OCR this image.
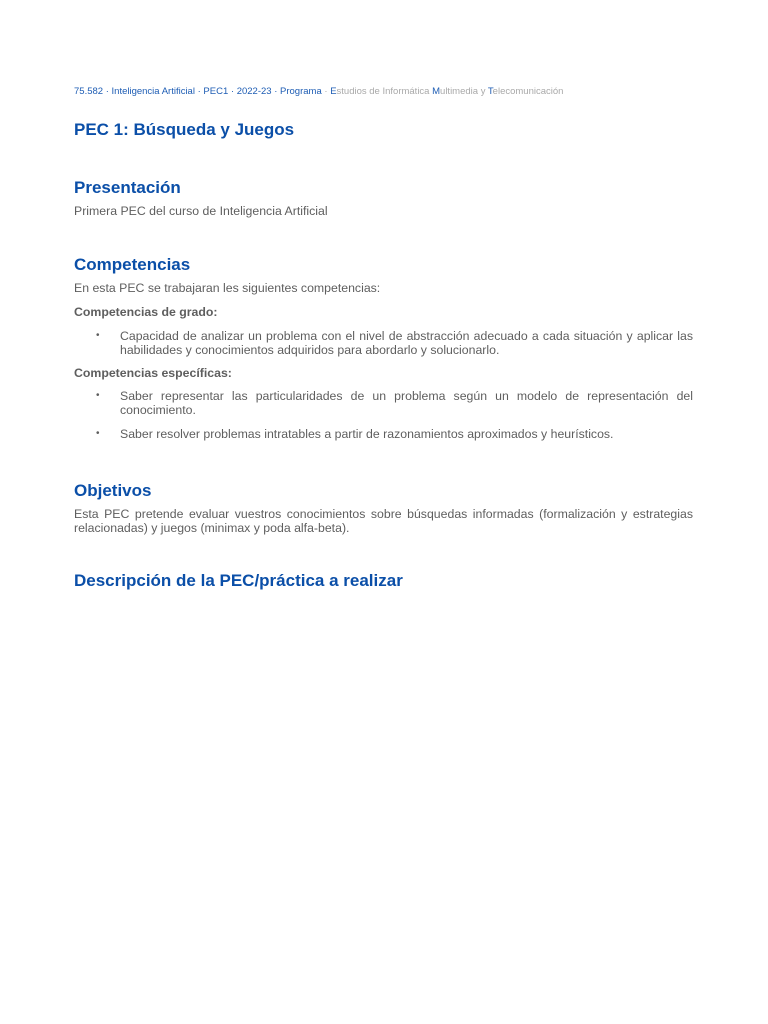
75.582 · Inteligencia Artificial · PEC1 · 2022-23 · Programa · Estudios de Informática Multimedia y Telecomunicación
PEC 1: Búsqueda y Juegos
Presentación

Primera PEC del curso de Inteligencia Artificial

Competencias

En esta PEC se trabajaran les siguientes competencias:

Competencias de grado:

• Capacidad de analizar un problema con el nivel de abstracción adecuado a cada situación y aplicar las habilidades y conocimientos adquiridos para abordarlo y solucionarlo.

Competencias específicas:

• Saber representar las particularidades de un problema según un modelo de representación del conocimiento.
• Saber resolver problemas intratables a partir de razonamientos aproximados y heurísticos.
Objetivos

Esta PEC pretende evaluar vuestros conocimientos sobre búsquedas informadas (formalización y estrategias relacionadas) y juegos (minimax y poda alfa-beta).

Descripción de la PEC/práctica a realizar
